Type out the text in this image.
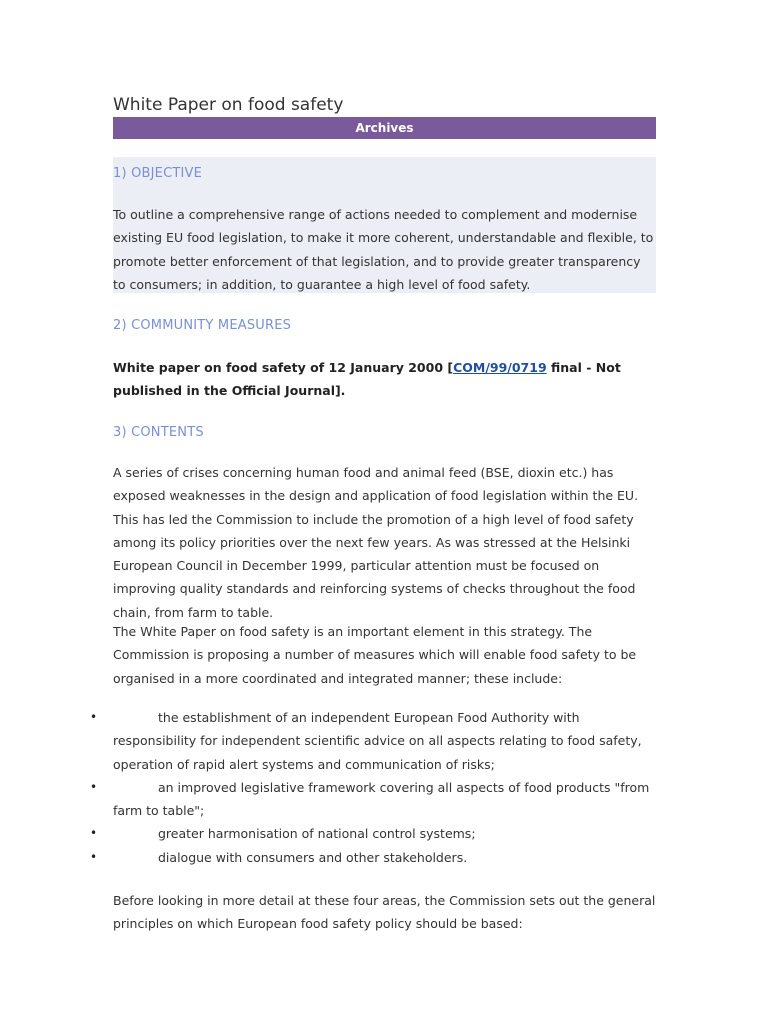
White Paper on food safety
Archives
1) OBJECTIVE
To outline a comprehensive range of actions needed to complement and modernise existing EU food legislation, to make it more coherent, understandable and flexible, to promote better enforcement of that legislation, and to provide greater transparency to consumers; in addition, to guarantee a high level of food safety.
2) COMMUNITY MEASURES
White paper on food safety of 12 January 2000 [COM/99/0719 final - Not published in the Official Journal].
3) CONTENTS
A series of crises concerning human food and animal feed (BSE, dioxin etc.) has exposed weaknesses in the design and application of food legislation within the EU. This has led the Commission to include the promotion of a high level of food safety among its policy priorities over the next few years. As was stressed at the Helsinki European Council in December 1999, particular attention must be focused on improving quality standards and reinforcing systems of checks throughout the food chain, from farm to table.
The White Paper on food safety is an important element in this strategy. The Commission is proposing a number of measures which will enable food safety to be organised in a more coordinated and integrated manner; these include:
•	the establishment of an independent European Food Authority with responsibility for independent scientific advice on all aspects relating to food safety, operation of rapid alert systems and communication of risks;
•	an improved legislative framework covering all aspects of food products "from farm to table";
•	greater harmonisation of national control systems;
•	dialogue with consumers and other stakeholders.
Before looking in more detail at these four areas, the Commission sets out the general principles on which European food safety policy should be based:
